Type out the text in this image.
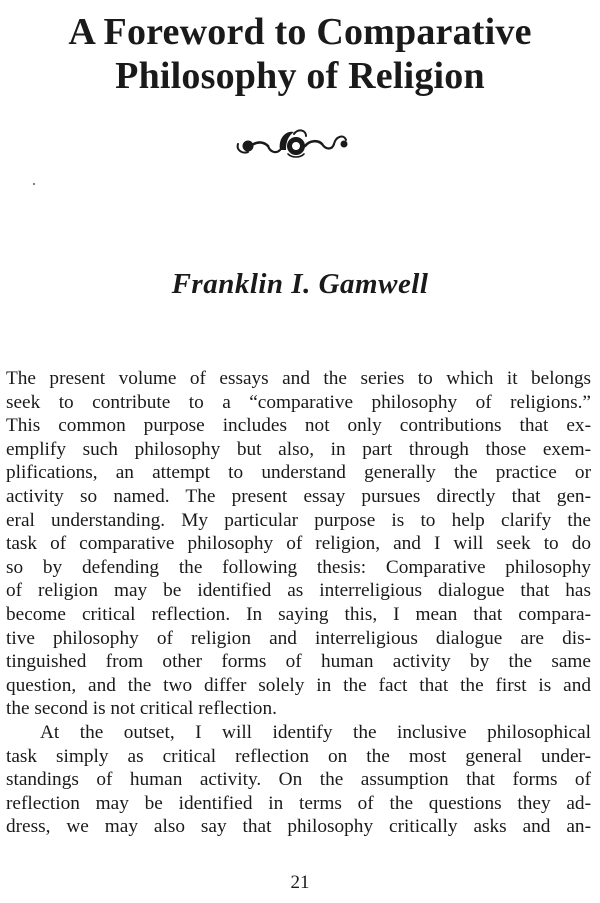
A Foreword to Comparative
Philosophy of Religion
Franklin I. Gamwell
The present volume of essays and the series to which it belongs
seek to contribute to a “comparative philosophy of religions.”
This common purpose includes not only contributions that ex-
emplify such philosophy but also, in part through those exem-
plifications, an attempt to understand generally the practice or
activity so named. The present essay pursues directly that gen-
eral understanding. My particular purpose is to help clarify the
task of comparative philosophy of religion, and I will seek to do
so by defending the following thesis: Comparative philosophy
of religion may be identified as interreligious dialogue that has
become critical reflection. In saying this, I mean that compara-
tive philosophy of religion and interreligious dialogue are dis-
tinguished from other forms of human activity by the same
question, and the two differ solely in the fact that the first is and
the second is not critical reflection.
At the outset, I will identify the inclusive philosophical
task simply as critical reflection on the most general under-
standings of human activity. On the assumption that forms of
reflection may be identified in terms of the questions they ad-
dress, we may also say that philosophy critically asks and an-
21
